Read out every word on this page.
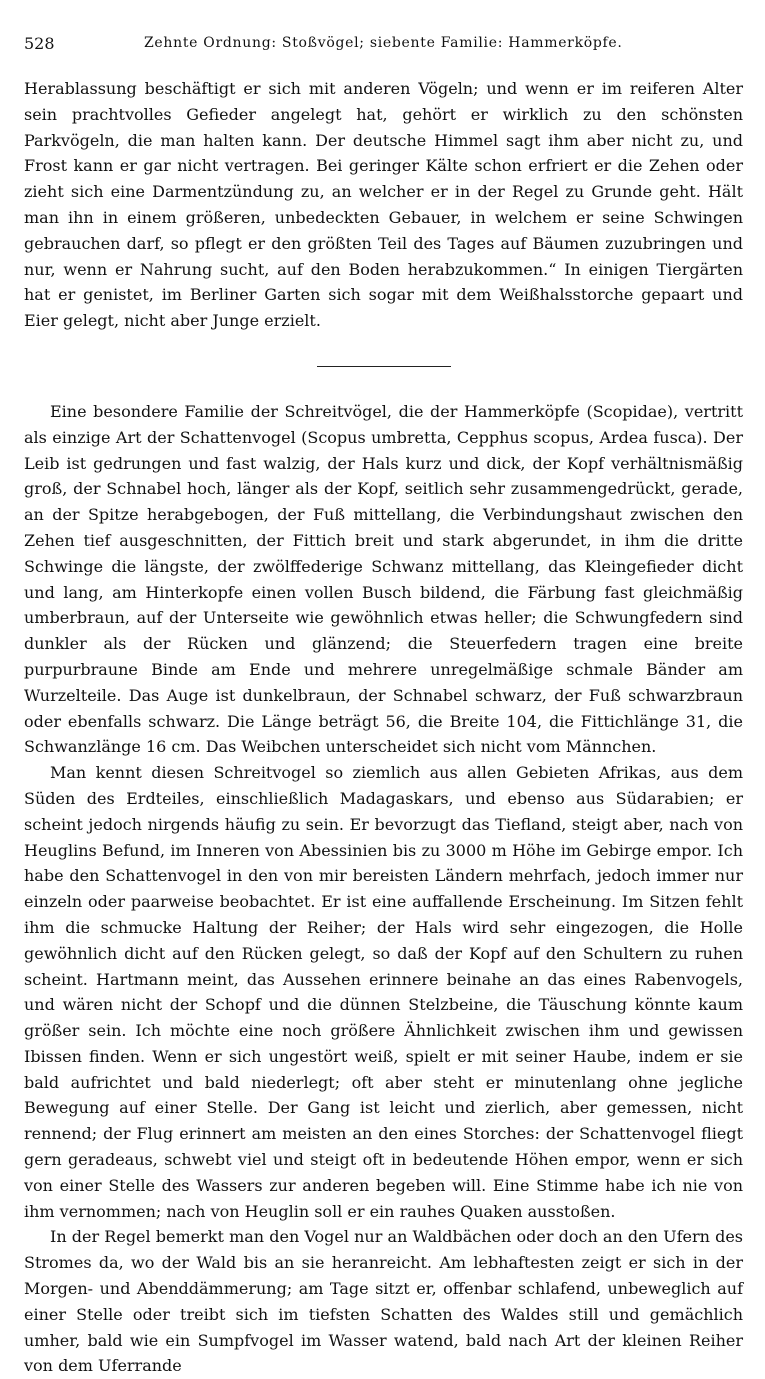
528	Zehnte Ordnung: Stoßvögel; siebente Familie: Hammerköpfe.

Herablassung beschäftigt er sich mit anderen Vögeln; und wenn er im reiferen Alter sein prachtvolles Gefieder angelegt hat, gehört er wirklich zu den schönsten Parkvögeln, die man halten kann. Der deutsche Himmel sagt ihm aber nicht zu, und Frost kann er gar nicht vertragen. Bei geringer Kälte schon erfriert er die Zehen oder zieht sich eine Darmentzündung zu, an welcher er in der Regel zu Grunde geht. Hält man ihn in einem größeren, unbedeckten Gebauer, in welchem er seine Schwingen gebrauchen darf, so pflegt er den größten Teil des Tages auf Bäumen zuzubringen und nur, wenn er Nahrung sucht, auf den Boden herabzukommen.“ In einigen Tiergärten hat er genistet, im Berliner Garten sich sogar mit dem Weißhalsstorche gepaart und Eier gelegt, nicht aber Junge erzielt.

Eine besondere Familie der Schreitvögel, die der Hammerköpfe (Scopidae), vertritt als einzige Art der Schattenvogel (Scopus umbretta, Cepphus scopus, Ardea fusca). Der Leib ist gedrungen und fast walzig, der Hals kurz und dick, der Kopf verhältnismäßig groß, der Schnabel hoch, länger als der Kopf, seitlich sehr zusammengedrückt, gerade, an der Spitze herabgebogen, der Fuß mittellang, die Verbindungshaut zwischen den Zehen tief ausgeschnitten, der Fittich breit und stark abgerundet, in ihm die dritte Schwinge die längste, der zwölffederige Schwanz mittellang, das Kleingefieder dicht und lang, am Hinterkopfe einen vollen Busch bildend, die Färbung fast gleichmäßig umberbraun, auf der Unterseite wie gewöhnlich etwas heller; die Schwungfedern sind dunkler als der Rücken und glänzend; die Steuerfedern tragen eine breite purpurbraune Binde am Ende und mehrere unregelmäßige schmale Bänder am Wurzelteile. Das Auge ist dunkelbraun, der Schnabel schwarz, der Fuß schwarzbraun oder ebenfalls schwarz. Die Länge beträgt 56, die Breite 104, die Fittichlänge 31, die Schwanzlänge 16 cm. Das Weibchen unterscheidet sich nicht vom Männchen.

Man kennt diesen Schreitvogel so ziemlich aus allen Gebieten Afrikas, aus dem Süden des Erdteiles, einschließlich Madagaskars, und ebenso aus Südarabien; er scheint jedoch nirgends häufig zu sein. Er bevorzugt das Tiefland, steigt aber, nach von Heuglins Befund, im Inneren von Abessinien bis zu 3000 m Höhe im Gebirge empor. Ich habe den Schattenvogel in den von mir bereisten Ländern mehrfach, jedoch immer nur einzeln oder paarweise beobachtet. Er ist eine auffallende Erscheinung. Im Sitzen fehlt ihm die schmucke Haltung der Reiher; der Hals wird sehr eingezogen, die Holle gewöhnlich dicht auf den Rücken gelegt, so daß der Kopf auf den Schultern zu ruhen scheint. Hartmann meint, das Aussehen erinnere beinahe an das eines Rabenvogels, und wären nicht der Schopf und die dünnen Stelzbeine, die Täuschung könnte kaum größer sein. Ich möchte eine noch größere Ähnlichkeit zwischen ihm und gewissen Ibissen finden. Wenn er sich ungestört weiß, spielt er mit seiner Haube, indem er sie bald aufrichtet und bald niederlegt; oft aber steht er minutenlang ohne jegliche Bewegung auf einer Stelle. Der Gang ist leicht und zierlich, aber gemessen, nicht rennend; der Flug erinnert am meisten an den eines Storches: der Schattenvogel fliegt gern geradeaus, schwebt viel und steigt oft in bedeutende Höhen empor, wenn er sich von einer Stelle des Wassers zur anderen begeben will. Eine Stimme habe ich nie von ihm vernommen; nach von Heuglin soll er ein rauhes Quaken ausstoßen.

In der Regel bemerkt man den Vogel nur an Waldbächen oder doch an den Ufern des Stromes da, wo der Wald bis an sie heranreicht. Am lebhaftesten zeigt er sich in der Morgen- und Abenddämmerung; am Tage sitzt er, offenbar schlafend, unbeweglich auf einer Stelle oder treibt sich im tiefsten Schatten des Waldes still und gemächlich umher, bald wie ein Sumpfvogel im Wasser watend, bald nach Art der kleinen Reiher von dem Uferrande
